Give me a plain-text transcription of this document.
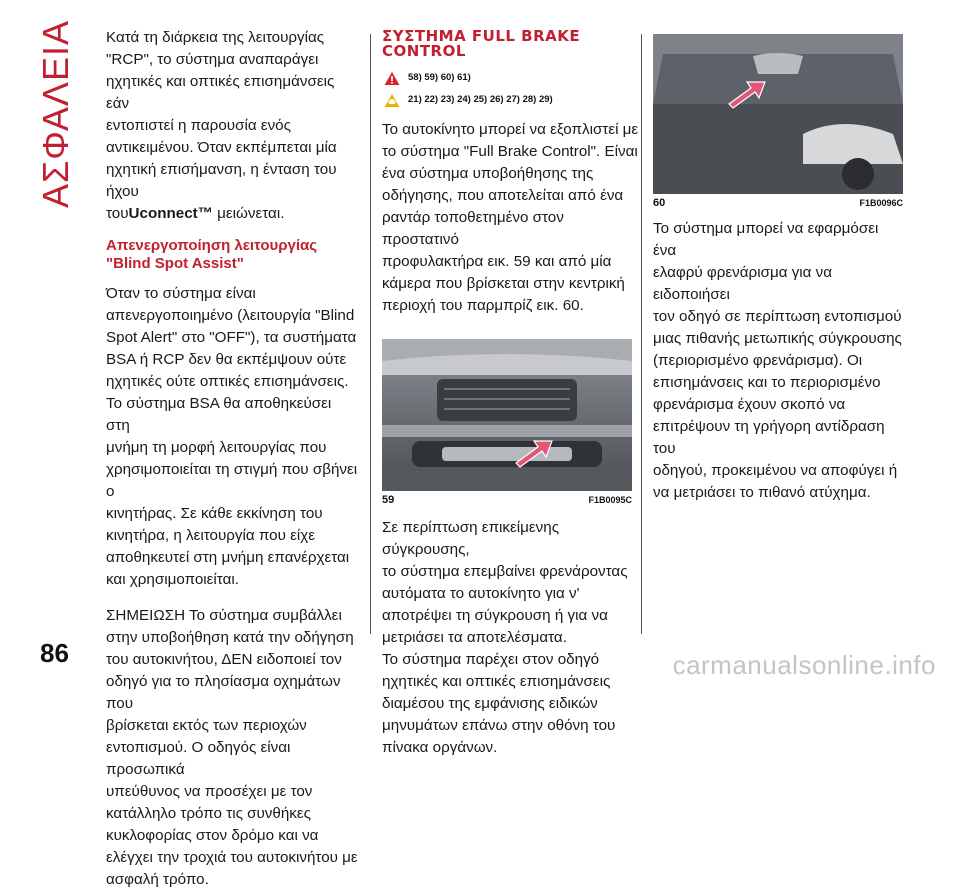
ΑΣΦΑΛΕΙΑ Κατά τη διάρκεια της λειτουργίας

"RCP", το σύστημα αναπαράγει

ηχητικές και οπτικές επισημάνσεις εάν

εντοπιστεί η παρουσία ενός

αντικειμένου. Όταν εκπέμπεται μία

ηχητική επισήμανση, η ένταση του ήχου

τουUconnect™ μειώνεται.

Απενεργοποίηση λειτουργίας "Blind Spot Assist"

Όταν το σύστημα είναι

απενεργοποιημένο (λειτουργία "Blind

Spot Alert" στο "OFF"), τα συστήματα

BSA ή RCP δεν θα εκπέμψουν ούτε

ηχητικές ούτε οπτικές επισημάνσεις.

Το σύστημα BSA θα αποθηκεύσει στη

μνήμη τη μορφή λειτουργίας που

χρησιμοποιείται τη στιγμή που σβήνει ο

κινητήρας. Σε κάθε εκκίνηση του

κινητήρα, η λειτουργία που είχε

αποθηκευτεί στη μνήμη επανέρχεται

και χρησιμοποιείται.

ΣΗΜΕΙΩΣΗ Το σύστημα συμβάλλει

στην υποβοήθηση κατά την οδήγηση

του αυτοκινήτου, ΔΕΝ ειδοποιεί τον

οδηγό για το πλησίασμα οχημάτων που

βρίσκεται εκτός των περιοχών

εντοπισμού. Ο οδηγός είναι προσωπικά

υπεύθυνος να προσέχει με τον

κατάλληλο τρόπο τις συνθήκες

κυκλοφορίας στον δρόμο και να

ελέγχει την τροχιά του αυτοκινήτου με

ασφαλή τρόπο.

ΣΥΣΤΗΜΑ FULL BRAKE
CONTROL
58) 59) 60) 61)
21) 22) 23) 24) 25) 26) 27) 28) 29)

Το αυτοκίνητο μπορεί να εξοπλιστεί με

το σύστημα "Full Brake Control". Είναι

ένα σύστημα υποβοήθησης της

οδήγησης, που αποτελείται από ένα

ραντάρ τοποθετημένο στον προστατινό

προφυλακτήρα εικ. 59 και από μία

κάμερα που βρίσκεται στην κεντρική

περιοχή του παρμπρίζ εικ. 60.

59	F1B0095C

Σε περίπτωση επικείμενης σύγκρουσης,

το σύστημα επεμβαίνει φρενάροντας

αυτόματα το αυτοκίνητο για ν'

αποτρέψει τη σύγκρουση ή για να

μετριάσει τα αποτελέσματα.

Το σύστημα παρέχει στον οδηγό

ηχητικές και οπτικές επισημάνσεις

διαμέσου της εμφάνισης ειδικών

μηνυμάτων επάνω στην οθόνη του

πίνακα οργάνων.

60	F1B0096C

Το σύστημα μπορεί να εφαρμόσει ένα

ελαφρύ φρενάρισμα για να ειδοποιήσει

τον οδηγό σε περίπτωση εντοπισμού

μιας πιθανής μετωπικής σύγκρουσης

(περιορισμένο φρενάρισμα). Οι

επισημάνσεις και το περιορισμένο

φρενάρισμα έχουν σκοπό να

επιτρέψουν τη γρήγορη αντίδραση του

οδηγού, προκειμένου να αποφύγει ή

να μετριάσει το πιθανό ατύχημα.

86	carmanualsonline.info
